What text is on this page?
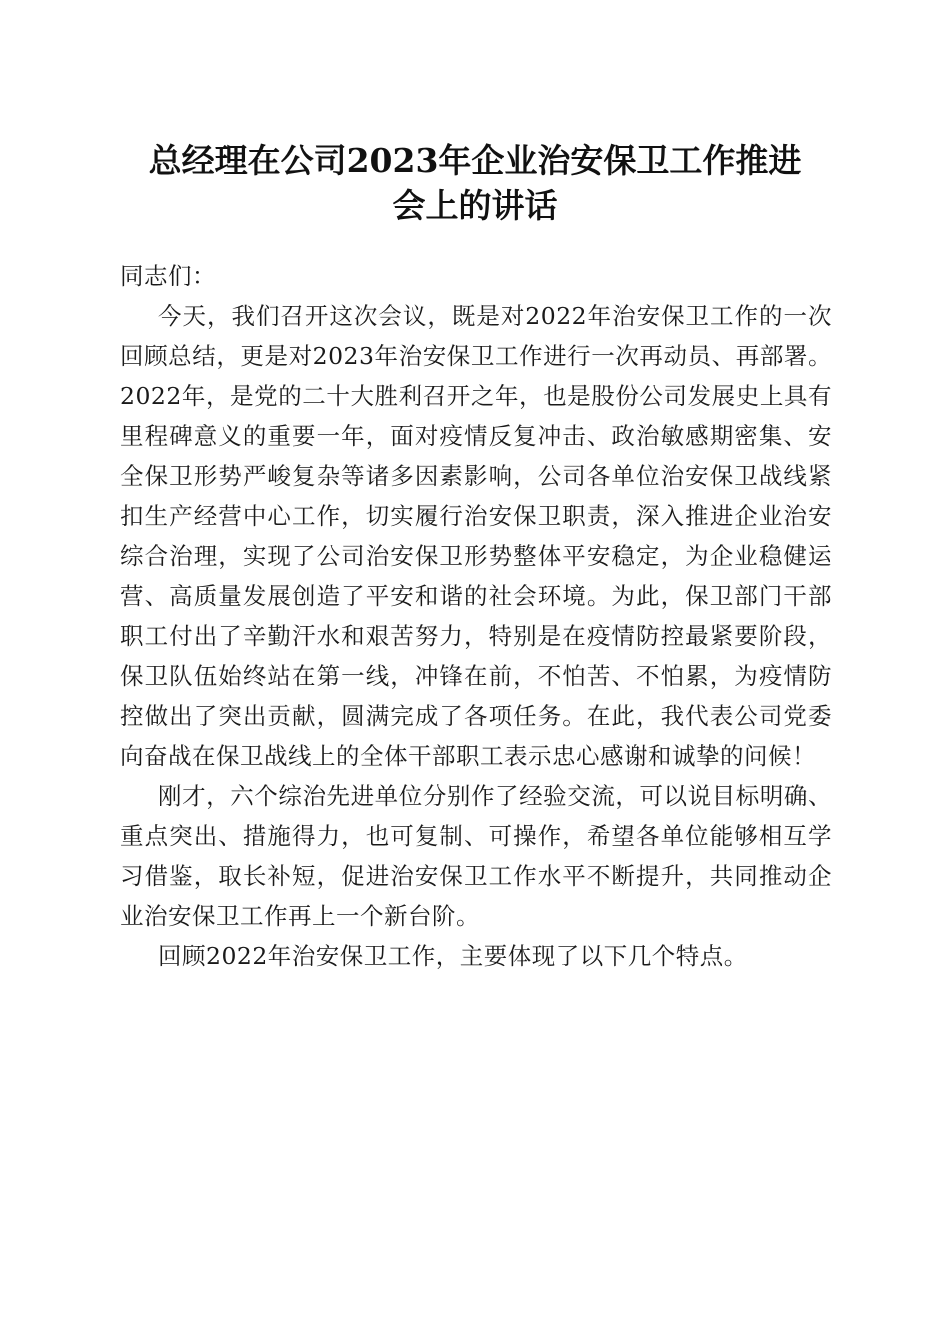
总经理在公司2023年企业治安保卫工作推进
会上的讲话

同志们：

今天，我们召开这次会议，既是对2022年治安保卫工作的一次回顾总结，更是对2023年治安保卫工作进行一次再动员、再部署。2022年，是党的二十大胜利召开之年，也是股份公司发展史上具有里程碑意义的重要一年，面对疫情反复冲击、政治敏感期密集、安全保卫形势严峻复杂等诸多因素影响，公司各单位治安保卫战线紧扣生产经营中心工作，切实履行治安保卫职责，深入推进企业治安综合治理，实现了公司治安保卫形势整体平安稳定，为企业稳健运营、高质量发展创造了平安和谐的社会环境。为此，保卫部门干部职工付出了辛勤汗水和艰苦努力，特别是在疫情防控最紧要阶段，保卫队伍始终站在第一线，冲锋在前，不怕苦、不怕累，为疫情防控做出了突出贡献，圆满完成了各项任务。在此，我代表公司党委向奋战在保卫战线上的全体干部职工表示忠心感谢和诚挚的问候！

刚才，六个综治先进单位分别作了经验交流，可以说目标明确、重点突出、措施得力，也可复制、可操作，希望各单位能够相互学习借鉴，取长补短，促进治安保卫工作水平不断提升，共同推动企业治安保卫工作再上一个新台阶。

回顾2022年治安保卫工作，主要体现了以下几个特点。
